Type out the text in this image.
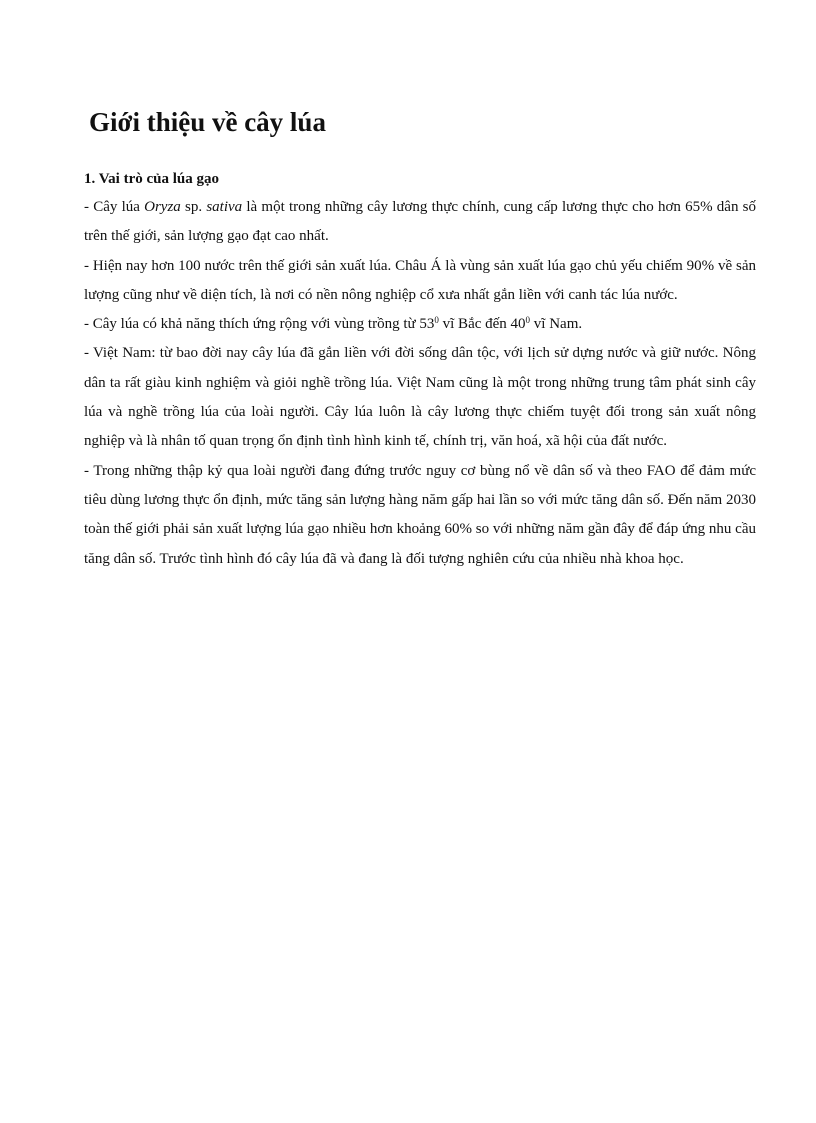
Giới thiệu về cây lúa

1. Vai trò của lúa gạo

- Cây lúa Oryza sp. sativa là một trong những cây lương thực chính, cung cấp lương thực cho hơn 65% dân số trên thế giới, sản lượng gạo đạt cao nhất.

- Hiện nay hơn 100 nước trên thế giới sản xuất lúa. Châu Á là vùng sản xuất lúa gạo chủ yếu chiếm 90% về sản lượng cũng như về diện tích, là nơi có nền nông nghiệp cổ xưa nhất gắn liền với canh tác lúa nước.

- Cây lúa có khả năng thích ứng rộng với vùng trồng từ $53^0$ vĩ Bắc đến $40^0$ vĩ Nam.

- Việt Nam: từ bao đời nay cây lúa đã gắn liền với đời sống dân tộc, với lịch sử dựng nước và giữ nước. Nông dân ta rất giàu kinh nghiệm và giỏi nghề trồng lúa. Việt Nam cũng là một trong những trung tâm phát sinh cây lúa và nghề trồng lúa của loài người. Cây lúa luôn là cây lương thực chiếm tuyệt đối trong sản xuất nông nghiệp và là nhân tố quan trọng ổn định tình hình kinh tế, chính trị, văn hoá, xã hội của đất nước.

- Trong những thập kỷ qua loài người đang đứng trước nguy cơ bùng nổ về dân số và theo FAO để đảm mức tiêu dùng lương thực ổn định, mức tăng sản lượng hàng năm gấp hai lần so với mức tăng dân số. Đến năm 2030 toàn thế giới phải sản xuất lượng lúa gạo nhiều hơn khoảng 60% so với những năm gần đây để đáp ứng nhu cầu tăng dân số. Trước tình hình đó cây lúa đã và đang là đối tượng nghiên cứu của nhiều nhà khoa học.
